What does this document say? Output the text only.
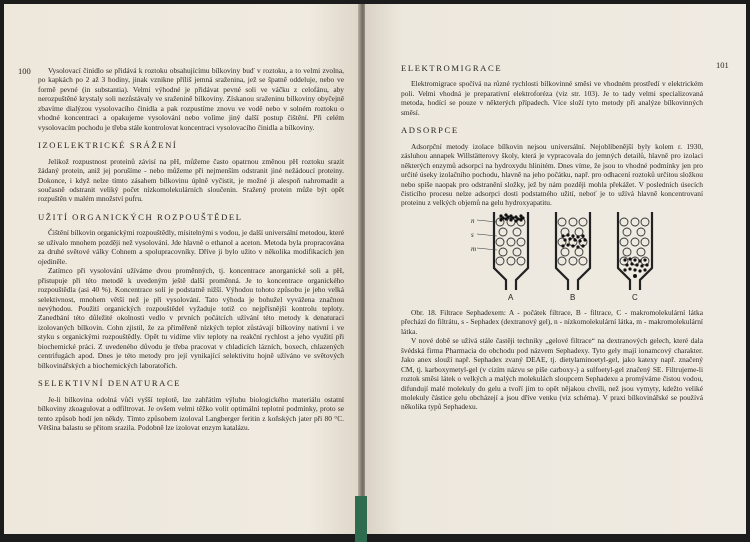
100	Vysolovací činidlo se přidává k roztoku obsahujícímu bílkoviny buď v roztoku, a to velmi zvolna, po kapkách po 2 až 3 hodiny, jinak vznikne příliš jemná sraženina, jež se špatně oddeluje, nebo ve formě pevné (in substantia). Velmi výhodné je přidávat pevné soli ve váčku z celofánu, aby nerozpuštěné krystaly soli nezůstávaly ve sraženině bílkoviny. Získanou sraženinu bílkoviny obyčejně zbavíme dialýzou vysolovacího činidla a pak rozpustíme znovu ve vodě nebo v solném roztoku o vhodné koncentraci a opakujeme vysolování nebo volíme jiný další postup čištění. Při celém vysolovacím pochodu je třeba stále kontrolovat koncentraci vysolovacího činidla a bílkoviny.

IZOELEKTRICKÉ SRÁŽENÍ

Jelikož rozpustnost proteinů závisí na pH, můžeme často opatrnou změnou pH roztoku srazit žádaný protein, aniž jej porušíme - nebo můžeme při nejmenším odstranit jiné nežádoucí proteiny. Dokonce, i když nelze tímto zásahem bílkovinu úplně vyčistit, je možné ji alespoň nahromadit a současně odstranit veliký počet nízkomolekulárních sloučenin. Sražený protein může být opět rozpuštěn v malém množství pufru.

UŽITÍ ORGANICKÝCH ROZPOUŠTĚDEL

Čištění bílkovin organickými rozpouštědly, mísitelnými s vodou, je další universální metodou, které se užívalo mnohem později než vysolování. Jde hlavně o ethanol a aceton. Metoda byla propracována za druhé světové války Cohnem a spolupracovníky. Dříve ji bylo užito v několika modifikacích jen ojediněle.

Zatímco při vysolování užíváme dvou proměnných, tj. koncentrace anorganické soli a pH, přistupuje při této metodě k uvedeným ještě další proměnná. Je to koncentrace organického rozpouštědla (asi 40 %). Koncentrace solí je podstatně nižší. Výhodou tohoto způsobu je jeho velká selektivnost, mnohem větší než je při vysolování. Tato výhoda je bohužel vyvážena značnou nevýhodou. Použití organických rozpouštědel vyžaduje totiž co nejpřísnější kontrolu teploty. Zanedbání této důležité okolnosti vedlo v prvních počátcích užívání této metody k denaturaci izolovaných bílkovin. Cohn zjistil, že za přiměřeně nízkých teplot zůstávají bílkoviny nativní i ve styku s organickými rozpouštědly. Opět tu vidíme vliv teploty na reakční rychlost a jeho využití při biochemické práci. Z uvedeného důvodu je třeba pracovat v chladicích lázních, boxech, chlazených centrifugách apod. Dnes je této metody pro její vynikající selektivitu hojně užíváno ve světových bílkovinářských a biochemických laboratořích.

SELEKTIVNÍ DENATURACE

Je-li bílkovina odolná vůči vyšší teplotě, lze zahřátím výluhu biologického materiálu ostatní bílkoviny zkoagulovat a odfiltrovat. Je ovšem velmi těžko volit optimální teplotní podmínky, proto se tento způsob hodí jen někdy. Tímto způsobem izoloval Langberger feritin z koňských jater při 80 °C. Většina balastu se přitom srazila. Podobně lze izolovat enzym katalázu.

101
ELEKTROMIGRACE

Elektromigrace spočívá na různé rychlosti bílkovinné směsi ve vhodném prostředí v elektrickém poli. Velmi vhodná je preparativní elektroforéza (viz str. 103). Je to tady velmi specializovaná metoda, hodící se pouze v některých případech. Více složí tyto metody při analýze bílkovinných směsí.

ADSORPCE

Adsorpční metody izolace bílkovin nejsou universální. Nejoblíbenější byly kolem r. 1930, zásluhou annapek Willstätterovy školy, která je vypracovala do jemných detailů, hlavně pro izolaci některých enzymů adsorpcí na hydroxydu hlinitém. Dnes víme, že jsou to vhodné podmínky jen pro určité úseky izolačního pochodu, hlavně na jeho počátku, např. pro odhacení roztoků určitou složkou nebo spíše naopak pro odstranění složky, jež by nám později mohla překážet. V posledních úsecích čisticího procesu nelze adsorpci dosti podstatného užití, neboť je to užívá hlavně koncentrovaní proteinu z velkých objemů na gelu hydroxyapatitu.

A	B	C
n
s
m

Obr. 18. Filtrace Sephadexem: A - počátek filtrace, B - filtrace, C - makromolekulární látka přechází do filtrátu, s - Sephadex (dextranový gel), n - nízkomolekulární látka, m - makromolekulární látka.

V nové době se užívá stále častěji techniky „gelové filtrace“ na dextranových gelech, které dala švédská firma Pharmacia do obchodu pod názvem Sephadexy. Tyto gely mají ionamcový charakter. Jako anex slouží např. Sephadex zvaný DEAE, tj. dietylaminoetyl-gel, jako katexy např. značený CM, tj. karboxymetyl-gel (v cizím názvu se píše carboxy-) a sulfoetyl-gel značený SE. Filtrujeme-li roztok směsi látek o velkých a malých molekulách sloupcem Sephadexu a promýváme čistou vodou, difundují malé molekuly do gelu a tvoří jim to opět nějakou chvíli, než jsou vymyty, kdežto veliké molekuly částice gelu obcházejí a jsou dříve venku (viz schéma). V praxi bílkovinářské se používá několika typů Sephadexu.
